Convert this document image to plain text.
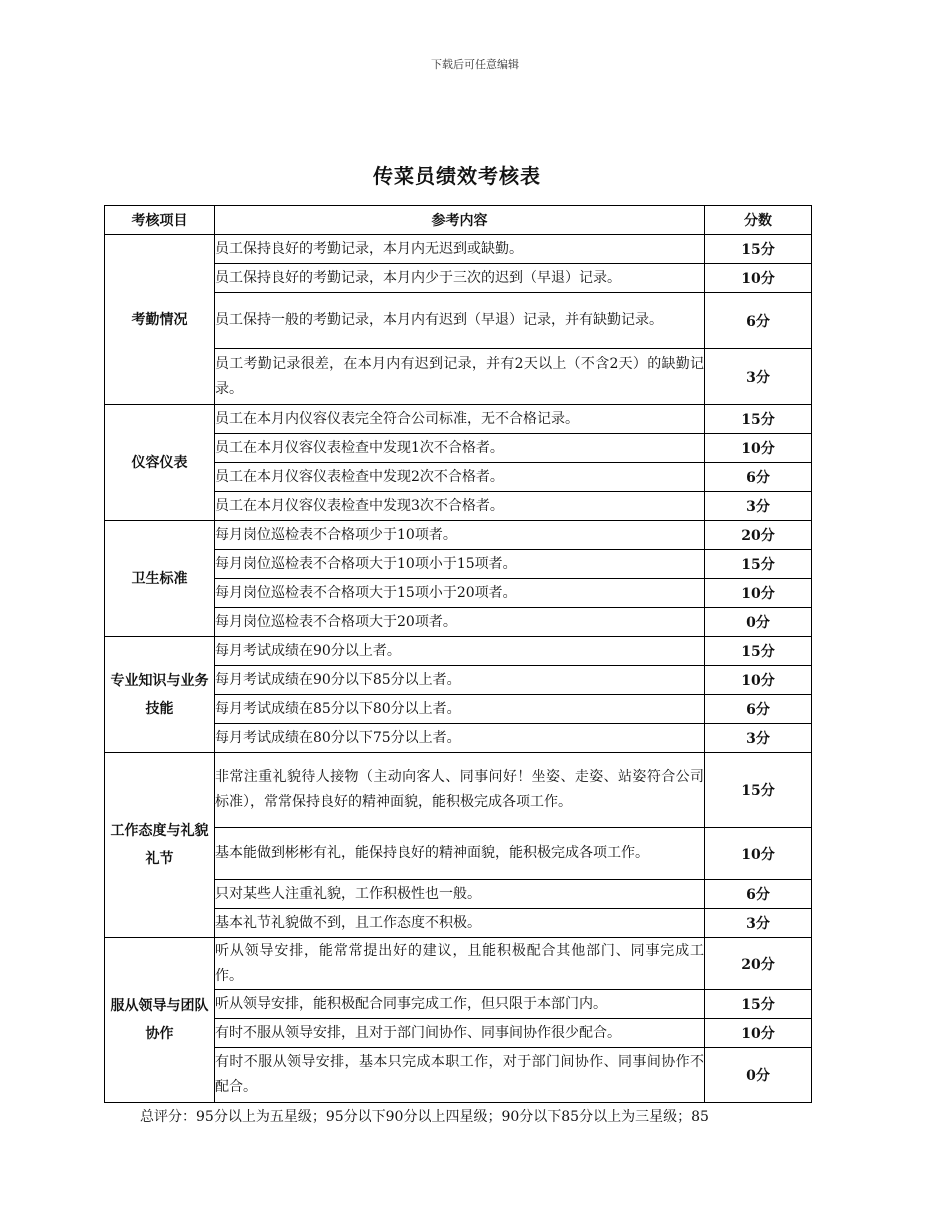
下载后可任意编辑
传菜员绩效考核表
考核项目	参考内容	分数
考勤情况	员工保持良好的考勤记录，本月内无迟到或缺勤。	15分
	员工保持良好的考勤记录，本月内少于三次的迟到（早退）记录。	10分
	员工保持一般的考勤记录，本月内有迟到（早退）记录，并有缺勤记录。	6分
	员工考勤记录很差，在本月内有迟到记录，并有2天以上（不含2天）的缺勤记录。	3分
仪容仪表	员工在本月内仪容仪表完全符合公司标准，无不合格记录。	15分
	员工在本月仪容仪表检查中发现1次不合格者。	10分
	员工在本月仪容仪表检查中发现2次不合格者。	6分
	员工在本月仪容仪表检查中发现3次不合格者。	3分
卫生标准	每月岗位巡检表不合格项少于10项者。	20分
	每月岗位巡检表不合格项大于10项小于15项者。	15分
	每月岗位巡检表不合格项大于15项小于20项者。	10分
	每月岗位巡检表不合格项大于20项者。	0分
专业知识与业务技能	每月考试成绩在90分以上者。	15分
	每月考试成绩在90分以下85分以上者。	10分
	每月考试成绩在85分以下80分以上者。	6分
	每月考试成绩在80分以下75分以上者。	3分
工作态度与礼貌礼节	非常注重礼貌待人接物（主动向客人、同事问好！坐姿、走姿、站姿符合公司标准），常常保持良好的精神面貌，能积极完成各项工作。	15分
	基本能做到彬彬有礼，能保持良好的精神面貌，能积极完成各项工作。	10分
	只对某些人注重礼貌，工作积极性也一般。	6分
	基本礼节礼貌做不到，且工作态度不积极。	3分
服从领导与团队协作	听从领导安排，能常常提出好的建议，且能积极配合其他部门、同事完成工作。	20分
	听从领导安排，能积极配合同事完成工作，但只限于本部门内。	15分
	有时不服从领导安排，且对于部门间协作、同事间协作很少配合。	10分
	有时不服从领导安排，基本只完成本职工作，对于部门间协作、同事间协作不配合。	0分
总评分：95分以上为五星级；95分以下90分以上四星级；90分以下85分以上为三星级；85
